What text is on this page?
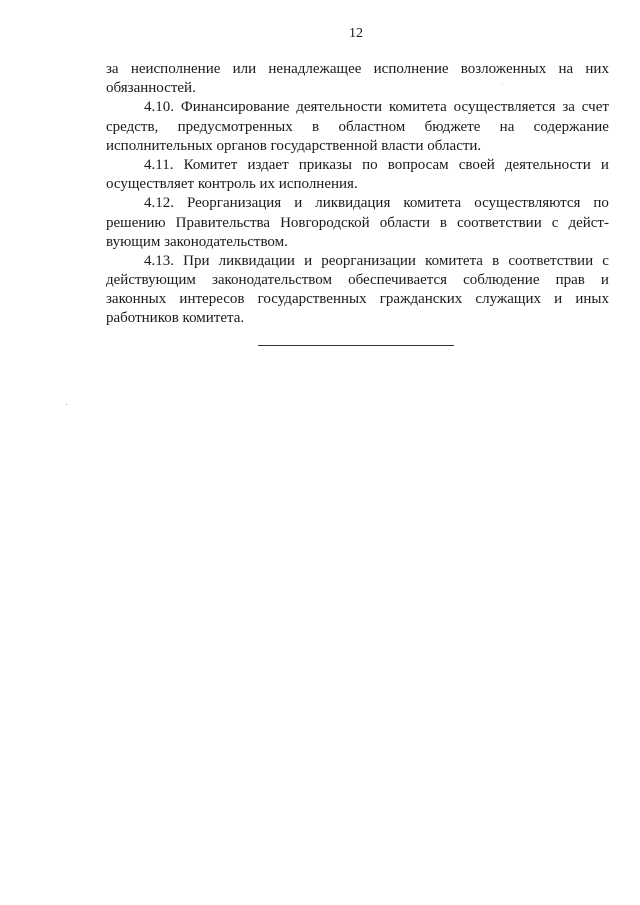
12
за неисполнение или ненадлежащее исполнение возложенных на них
обязанностей.
4.10. Финансирование деятельности комитета осуществляется за счет
средств, предусмотренных в областном бюджете на содержание
исполнительных органов государственной власти области.
4.11. Комитет издает приказы по вопросам своей деятельности и
осуществляет контроль их исполнения.
4.12. Реорганизация и ликвидация комитета осуществляются по
решению Правительства Новгородской области в соответствии с дейст-
вующим законодательством.
4.13. При ликвидации и реорганизации комитета в соответствии с
действующим законодательством обеспечивается соблюдение прав и
законных интересов государственных гражданских служащих и иных
работников комитета.
